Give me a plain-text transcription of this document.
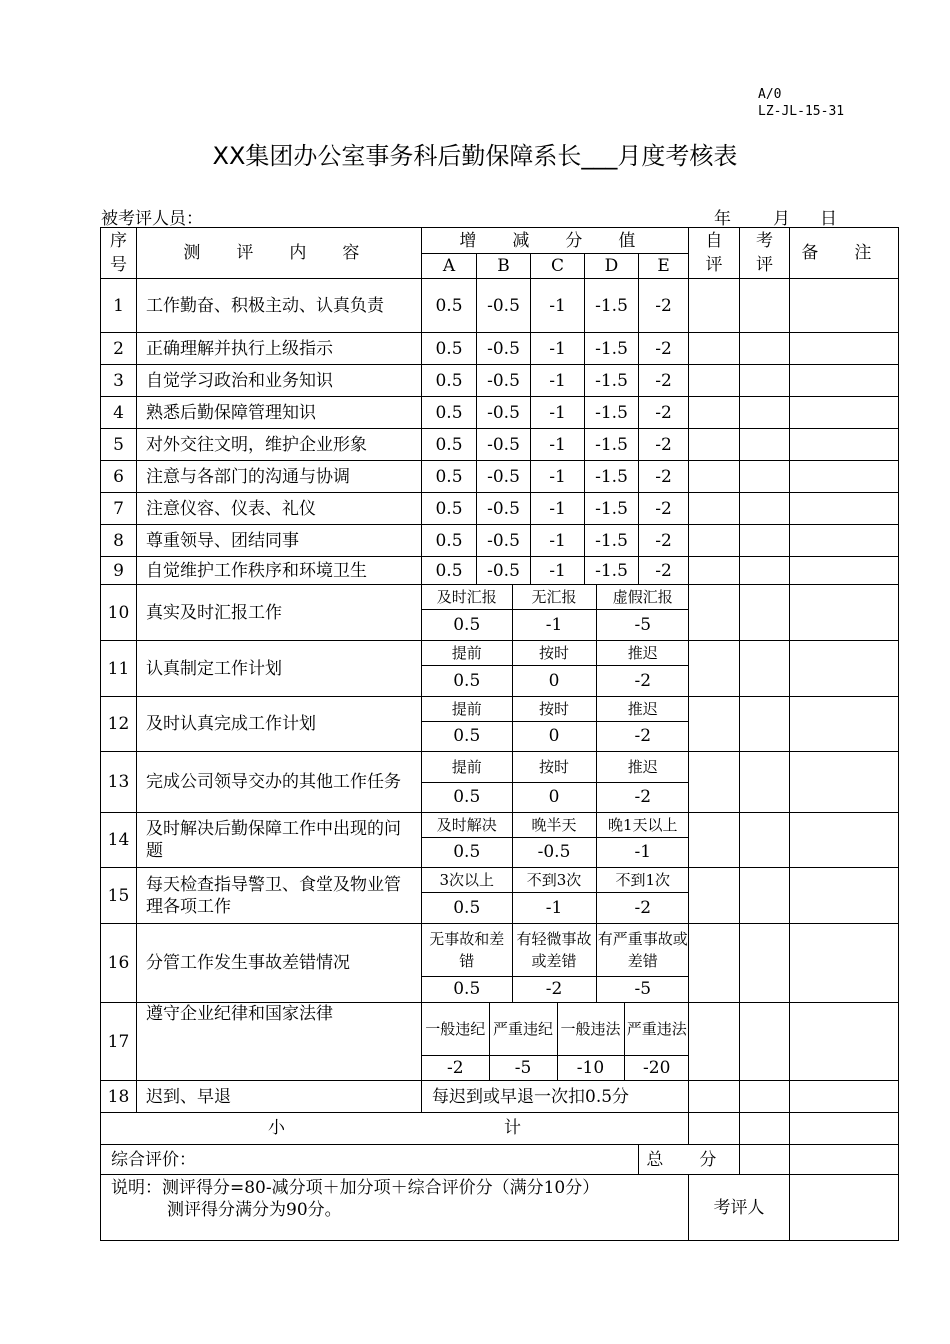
A/0
LZ-JL-15-31
XX集团办公室事务科后勤保障系长___月度考核表
被考评人员：	年 月 日
序号	测 评 内 容	增 减 分 值	自评	考评	备 注
A	B	C	D	E
1	工作勤奋、积极主动、认真负责	0.5	-0.5	-1	-1.5	-2			
2	正确理解并执行上级指示	0.5	-0.5	-1	-1.5	-2			
3	自觉学习政治和业务知识	0.5	-0.5	-1	-1.5	-2			
4	熟悉后勤保障管理知识	0.5	-0.5	-1	-1.5	-2			
5	对外交往文明，维护企业形象	0.5	-0.5	-1	-1.5	-2			
6	注意与各部门的沟通与协调	0.5	-0.5	-1	-1.5	-2			
7	注意仪容、仪表、礼仪	0.5	-0.5	-1	-1.5	-2			
8	尊重领导、团结同事	0.5	-0.5	-1	-1.5	-2			
9	自觉维护工作秩序和环境卫生	0.5	-0.5	-1	-1.5	-2			
10	真实及时汇报工作	
及时汇报	无汇报	虚假汇报
0.5	-1	-5

11	认真制定工作计划	
提前	按时	推迟
0.5	0	-2

12	及时认真完成工作计划	
提前	按时	推迟
0.5	0	-2

13	完成公司领导交办的其他工作任务	
提前	按时	推迟
0.5	0	-2

14	及时解决后勤保障工作中出现的问题	
及时解决	晚半天	晚1天以上
0.5	-0.5	-1

15	每天检查指导警卫、食堂及物业管理各项工作	
3次以上	不到3次	不到1次
0.5	-1	-2

16	分管工作发生事故差错情况	
无事故和差错	有轻微事故或差错	有严重事故或差错
0.5	-2	-5

17	遵守企业纪律和国家法律	
一般违纪	严重违纪	一般违法	严重违法
-2	-5	-10	-20

18	迟到、早退	每迟到或早退一次扣0.5分			

小	计

综合评价：	总 分		

说明：测评得分=80-减分项＋加分项＋综合评价分（满分10分）
测评得分满分为90分。	考评人	
